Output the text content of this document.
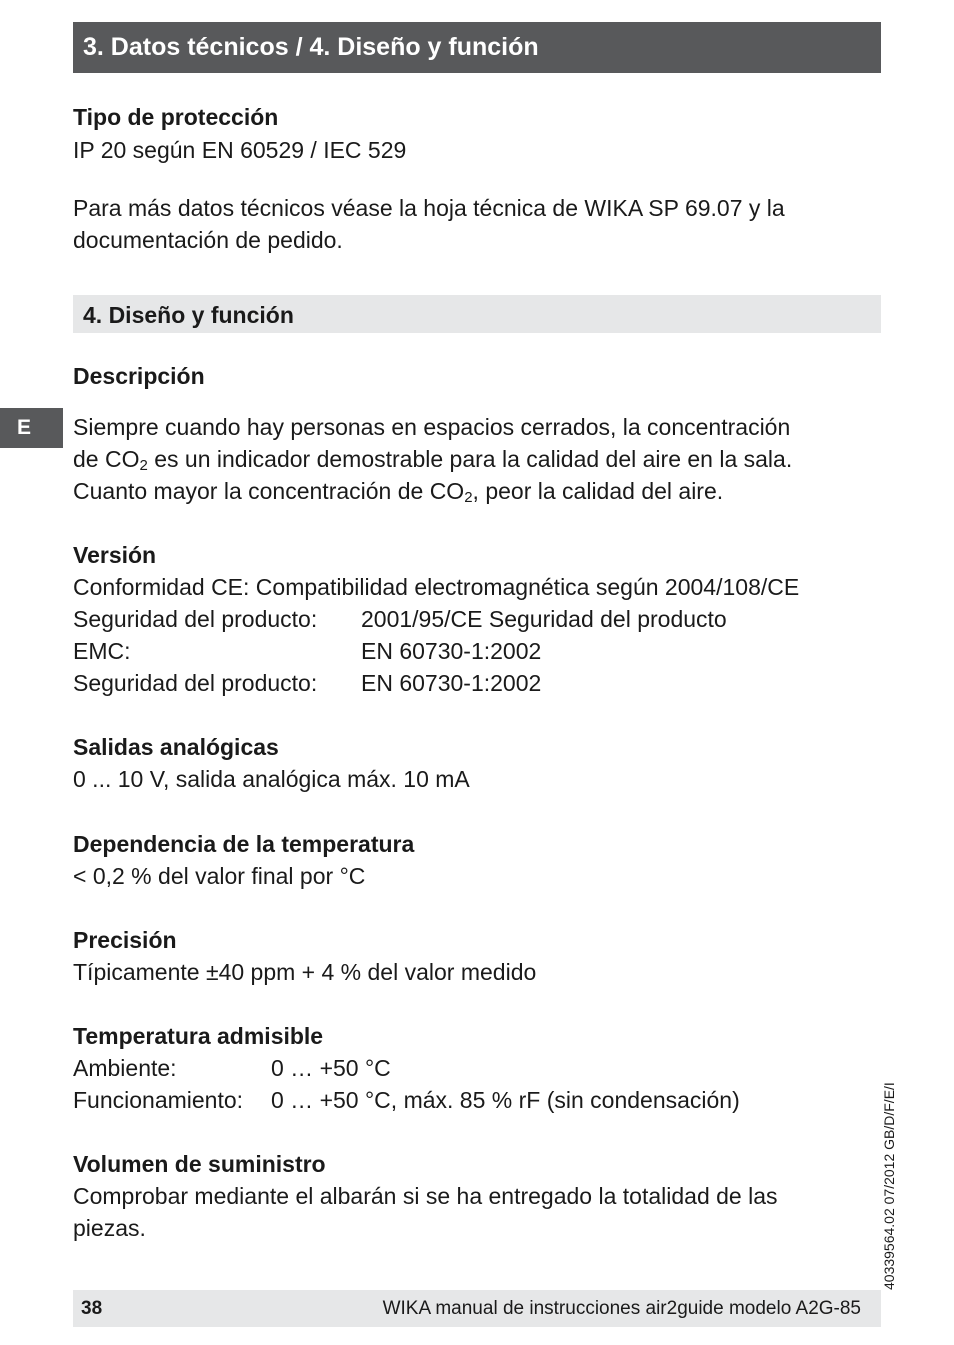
3. Datos técnicos / 4. Diseño y función
Tipo de protección
IP 20 según EN 60529 / IEC 529
Para más datos técnicos véase la hoja técnica de WIKA SP 69.07 y la
documentación de pedido.
4. Diseño y función
E
Descripción
Siempre cuando hay personas en espacios cerrados, la concentración
de $CO_2$ es un indicador demostrable para la calidad del aire en la sala.
Cuanto mayor la concentración de $CO_2$, peor la calidad del aire.
Versión
Conformidad CE: Compatibilidad electromagnética según 2004/108/CE
Seguridad del producto: 2001/95/CE Seguridad del producto
EMC:	EN 60730-1:2002
Seguridad del producto: EN 60730-1:2002
Salidas analógicas
0 ... 10 V, salida analógica máx. 10 mA
Dependencia de la temperatura
< 0,2 % del valor final por °C
Precisión
Típicamente ±40 ppm + 4 % del valor medido
Temperatura admisible
Ambiente:	0 … +50 °C
Funcionamiento: 0 … +50 °C, máx. 85 % rF (sin condensación)
Volumen de suministro
Comprobar mediante el albarán si se ha entregado la totalidad de las
piezas.	40339564.02 07/2012 GB/D/F/E/I
38	WIKA manual de instrucciones air2guide modelo A2G-85
